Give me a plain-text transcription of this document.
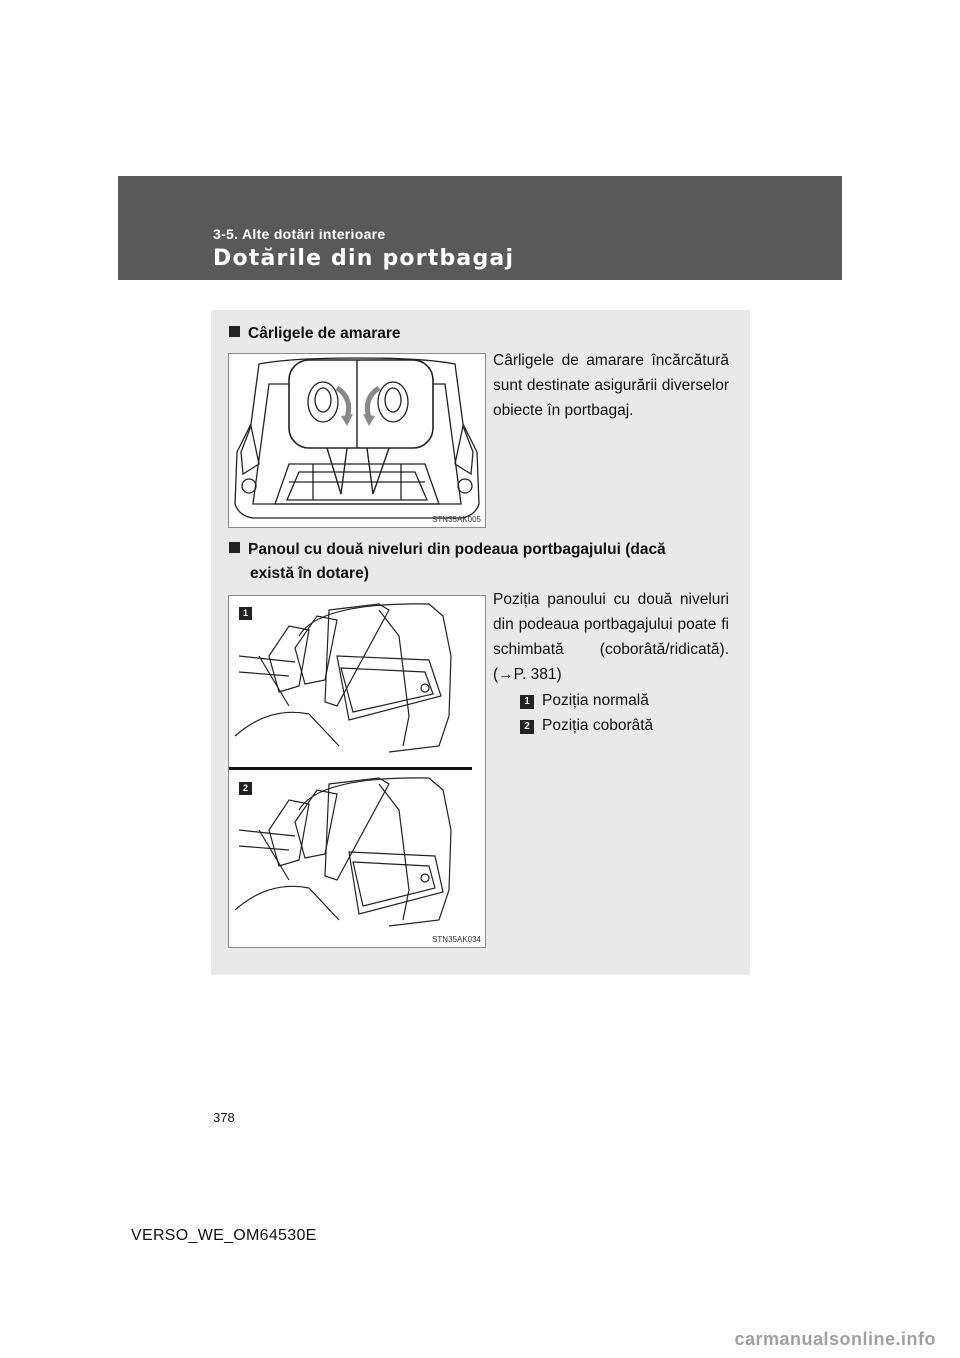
3-5. Alte dotări interioare
Dotările din portbagaj
Cârligele de amarare
STN35AK005
Cârligele de amarare încărcătură sunt destinate asigurării diverselor obiecte în portbagaj.
Panoul cu două niveluri din podeaua portbagajului (dacă
există în dotare)
1
2
STN35AK034
Poziția panoului cu două niveluri din podeaua portbagajului poate fi schimbată (coborâtă/ridicată). (→P. 381)
1 Poziția normală
2 Poziția coborâtă
378
VERSO_WE_OM64530E
carmanualsonline.info
